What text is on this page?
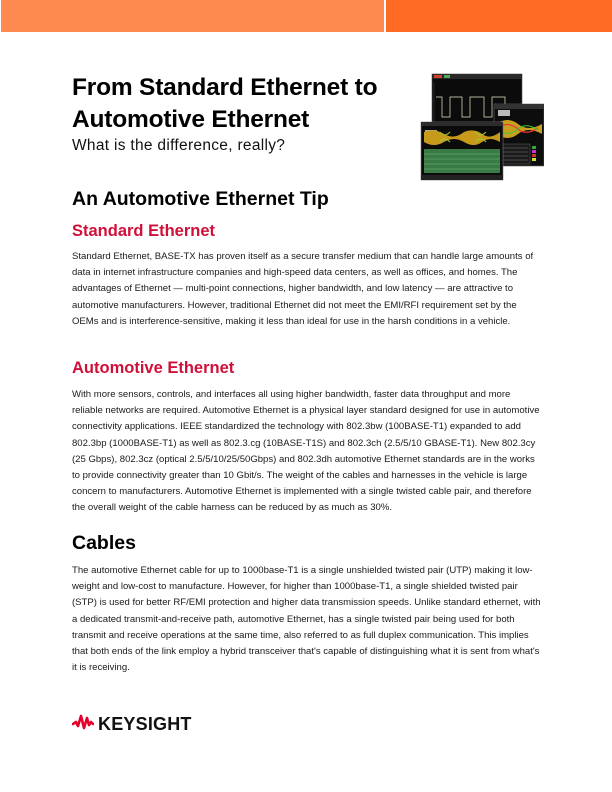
From Standard Ethernet to
Automotive Ethernet
What is the difference, really?
An Automotive Ethernet Tip
Standard Ethernet
Standard Ethernet, BASE-TX has proven itself as a secure transfer medium that can handle large amounts of data in internet infrastructure companies and high-speed data centers, as well as offices, and homes. The advantages of Ethernet — multi-point connections, higher bandwidth, and low latency — are attractive to automotive manufacturers. However, traditional Ethernet did not meet the EMI/RFI requirement set by the OEMs and is interference-sensitive, making it less than ideal for use in the harsh conditions in a vehicle.
Automotive Ethernet
With more sensors, controls, and interfaces all using higher bandwidth, faster data throughput and more reliable networks are required. Automotive Ethernet is a physical layer standard designed for use in automotive connectivity applications. IEEE standardized the technology with 802.3bw (100BASE-T1) expanded to add 802.3bp (1000BASE-T1) as well as 802.3.cg (10BASE-T1S) and 802.3ch (2.5/5/10 GBASE-T1). New 802.3cy (25 Gbps), 802.3cz (optical 2.5/5/10/25/50Gbps) and 802.3dh automotive Ethernet standards are in the works to provide connectivity greater than 10 Gbit/s. The weight of the cables and harnesses in the vehicle is large concern to manufacturers. Automotive Ethernet is implemented with a single twisted cable pair, and therefore the overall weight of the cable harness can be reduced by as much as 30%.
Cables
The automotive Ethernet cable for up to 1000base-T1 is a single unshielded twisted pair (UTP) making it low-weight and low-cost to manufacture. However, for higher than 1000base-T1, a single shielded twisted pair (STP) is used for better RF/EMI protection and higher data transmission speeds. Unlike standard ethernet, with a dedicated transmit-and-receive path, automotive Ethernet, has a single twisted pair being used for both transmit and receive operations at the same time, also referred to as full duplex communication. This implies that both ends of the link employ a hybrid transceiver that's capable of distinguishing what it is sent from what's it is receiving.
KEYSIGHT
